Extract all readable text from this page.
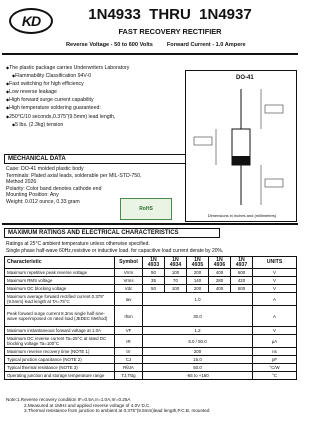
KD	1N4933  THRU  1N4937
FAST RECOVERY RECTIFIER
Reverse Voltage - 50 to 600 Volts	Forward Current - 1.0 Ampere
◆ The plastic package carries Underwriters Laboratory
◆ Flammability Classification 94V-0
◆ Fast switching for high efficiency
◆ Low reverse leakage
◆ High forward surge current capability
◆ High temperature soldering guaranteed:
◆ 250°C/10 seconds,0.375"(9.5mm) lead length,
◆ 5 lbs. (2.3kg) tension
MECHANICAL DATA
Case: DO-41 molded plastic body
Terminals: Plated axial leads, solderable per MIL-STD-750,
Method 2026
Polarity: Color band denotes cathode end
Mounting Position: Any
Weight: 0.012 ounce, 0.33 gram
RoHS
DO-41
Dimensions in inches and (millimeters)
MAXIMUM RATINGS AND ELECTRICAL CHARACTERISTICS
Ratings at 25°C ambient temperature unless otherwise specified.
Single phase half-wave 60Hz,resistive or inductive load. for capacitive load current derate by 20%.
Characteristic	Symbol	1N 4933	1N 4934	1N 4935	1N 4936	1N 4937	UNITS
Maximum repetitive peak reverse voltage	Vrrm	50	100	200	400	600	V
Maximum RMS voltage	Vrms	35	70	140	280	420	V
Maximum DC blocking voltage	Vdc	50	100	200	400	600	V
Maximum average forward rectified current 0.375"(9.5mm) lead length at TA=75°C	Iav	1.0					A
Peak forward surge current 8.3ms single half sine-wave superimposed on rated load (JEDEC Method)	Ifsm	30.0					A
Maximum instantaneous forward voltage at 1.0A	VF	1.2					V
Maximum DC reverse current Ta=25°C at rated DC blocking voltage Ta=100°C	IR	5.0 / 50.0					μA
Maximum reverse recovery time (NOTE 1)	trr	200					ns
Typical junction capacitance (NOTE 2)	CJ	15.0					pF
Typical thermal resistance (NOTE 3)	RθJA	50.0					°C/W
Operating junction and storage temperature range	TJ,Tstg	-65 to +150					°C
Note:1.Reverse recovery condition IF=0.5A,Ir=1.0A,Irr=0.25A
2.Measured at 1MHz and applied reverse voltage of 4.0V D.C.
3.Thermal resistance from junction to ambient at 0.375"(9.5mm)lead length,P.C.B. mounted
